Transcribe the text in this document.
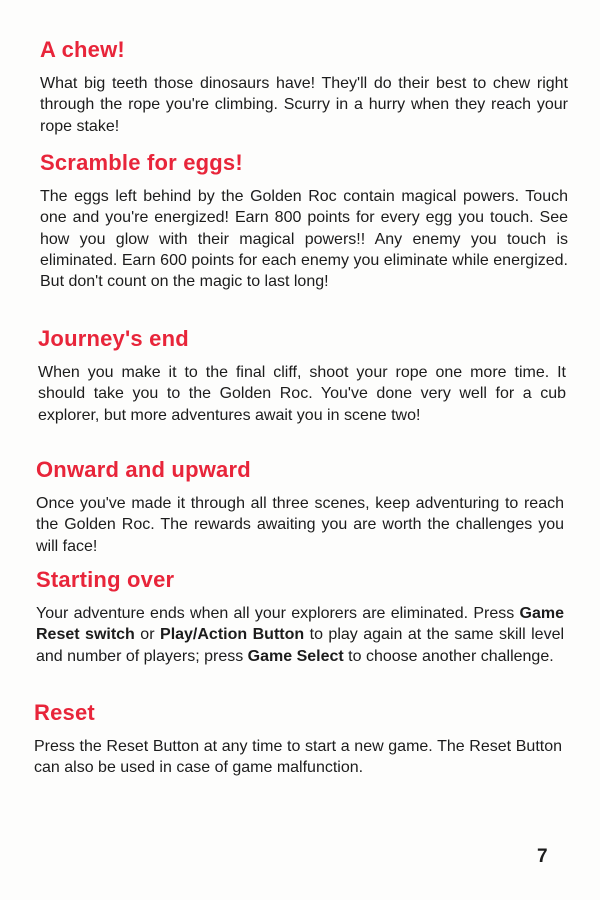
A chew!

What big teeth those dinosaurs have! They'll do their best to chew right through the rope you're climbing. Scurry in a hurry when they reach your rope stake!

Scramble for eggs!

The eggs left behind by the Golden Roc contain magical powers. Touch one and you're energized! Earn 800 points for every egg you touch. See how you glow with their magical powers!! Any enemy you touch is eliminated. Earn 600 points for each enemy you eliminate while energized. But don't count on the magic to last long!

Journey's end

When you make it to the final cliff, shoot your rope one more time. It should take you to the Golden Roc. You've done very well for a cub explorer, but more adventures await you in scene two!

Onward and upward

Once you've made it through all three scenes, keep adventuring to reach the Golden Roc. The rewards awaiting you are worth the challenges you will face!

Starting over

Your adventure ends when all your explorers are eliminated. Press Game Reset switch or Play/Action Button to play again at the same skill level and number of players; press Game Select to choose another challenge.

Reset

Press the Reset Button at any time to start a new game. The Reset Button can also be used in case of game malfunction.

7
